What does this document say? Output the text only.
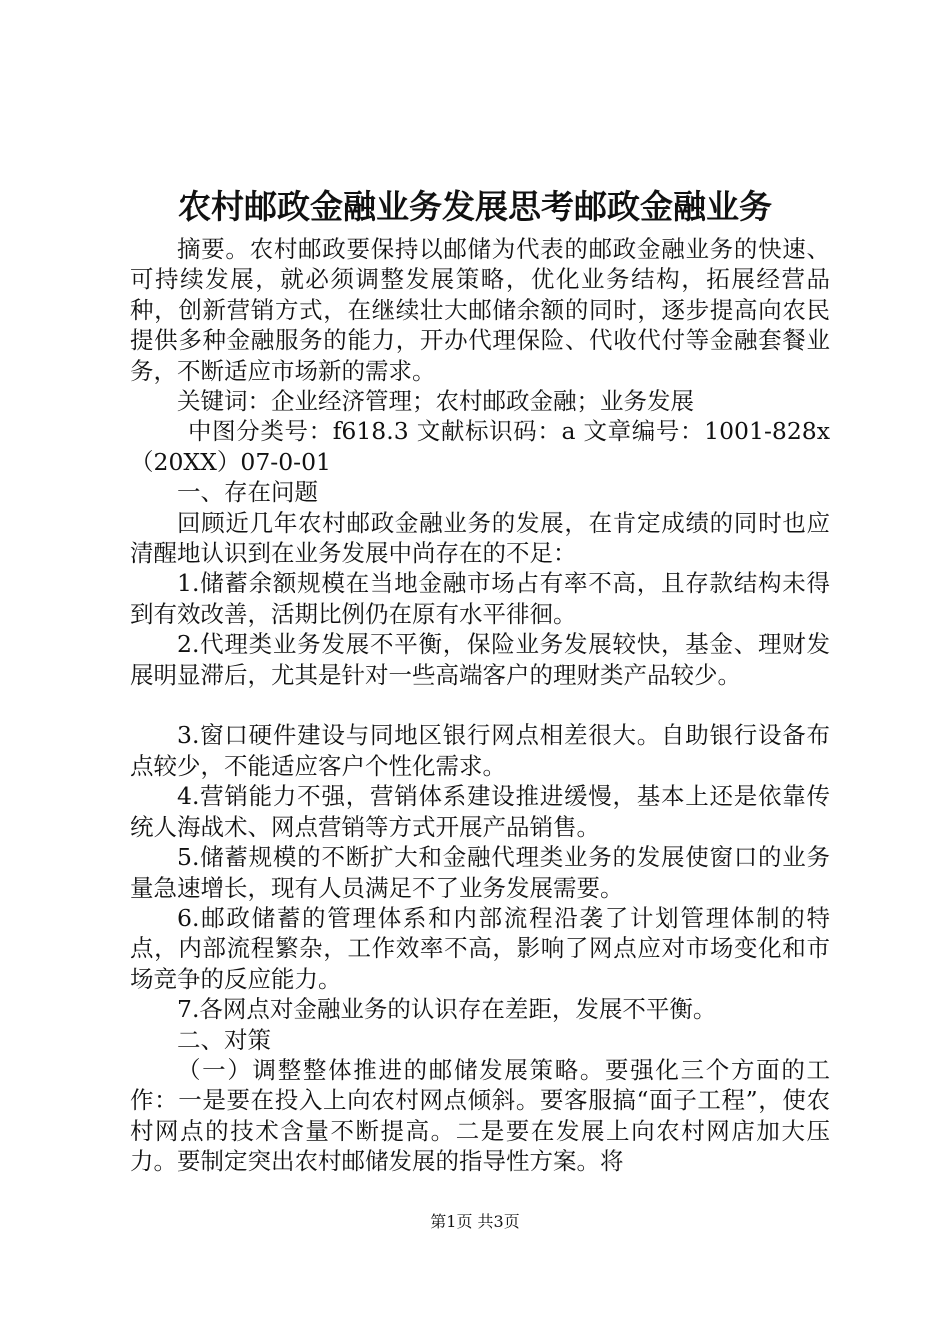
农村邮政金融业务发展思考邮政金融业务

摘要。农村邮政要保持以邮储为代表的邮政金融业务的快速、可持续发展，就必须调整发展策略，优化业务结构，拓展经营品种，创新营销方式，在继续壮大邮储余额的同时，逐步提高向农民提供多种金融服务的能力，开办代理保险、代收代付等金融套餐业务，不断适应市场新的需求。

关键词：企业经济管理；农村邮政金融；业务发展

中图分类号：f618.3 文献标识码：a 文章编号：1001-828x（20XX）07-0-01

一、存在问题

回顾近几年农村邮政金融业务的发展，在肯定成绩的同时也应清醒地认识到在业务发展中尚存在的不足：

1.储蓄余额规模在当地金融市场占有率不高，且存款结构未得到有效改善，活期比例仍在原有水平徘徊。

2.代理类业务发展不平衡，保险业务发展较快，基金、理财发展明显滞后，尤其是针对一些高端客户的理财类产品较少。

3.窗口硬件建设与同地区银行网点相差很大。自助银行设备布点较少，不能适应客户个性化需求。

4.营销能力不强，营销体系建设推进缓慢，基本上还是依靠传统人海战术、网点营销等方式开展产品销售。

5.储蓄规模的不断扩大和金融代理类业务的发展使窗口的业务量急速增长，现有人员满足不了业务发展需要。

6.邮政储蓄的管理体系和内部流程沿袭了计划管理体制的特点，内部流程繁杂，工作效率不高，影响了网点应对市场变化和市场竞争的反应能力。

7.各网点对金融业务的认识存在差距，发展不平衡。

二、对策

（一）调整整体推进的邮储发展策略。要强化三个方面的工作：一是要在投入上向农村网点倾斜。要客服搞“面子工程”，使农村网点的技术含量不断提高。二是要在发展上向农村网店加大压力。要制定突出农村邮储发展的指导性方案。将

第1页 共3页
